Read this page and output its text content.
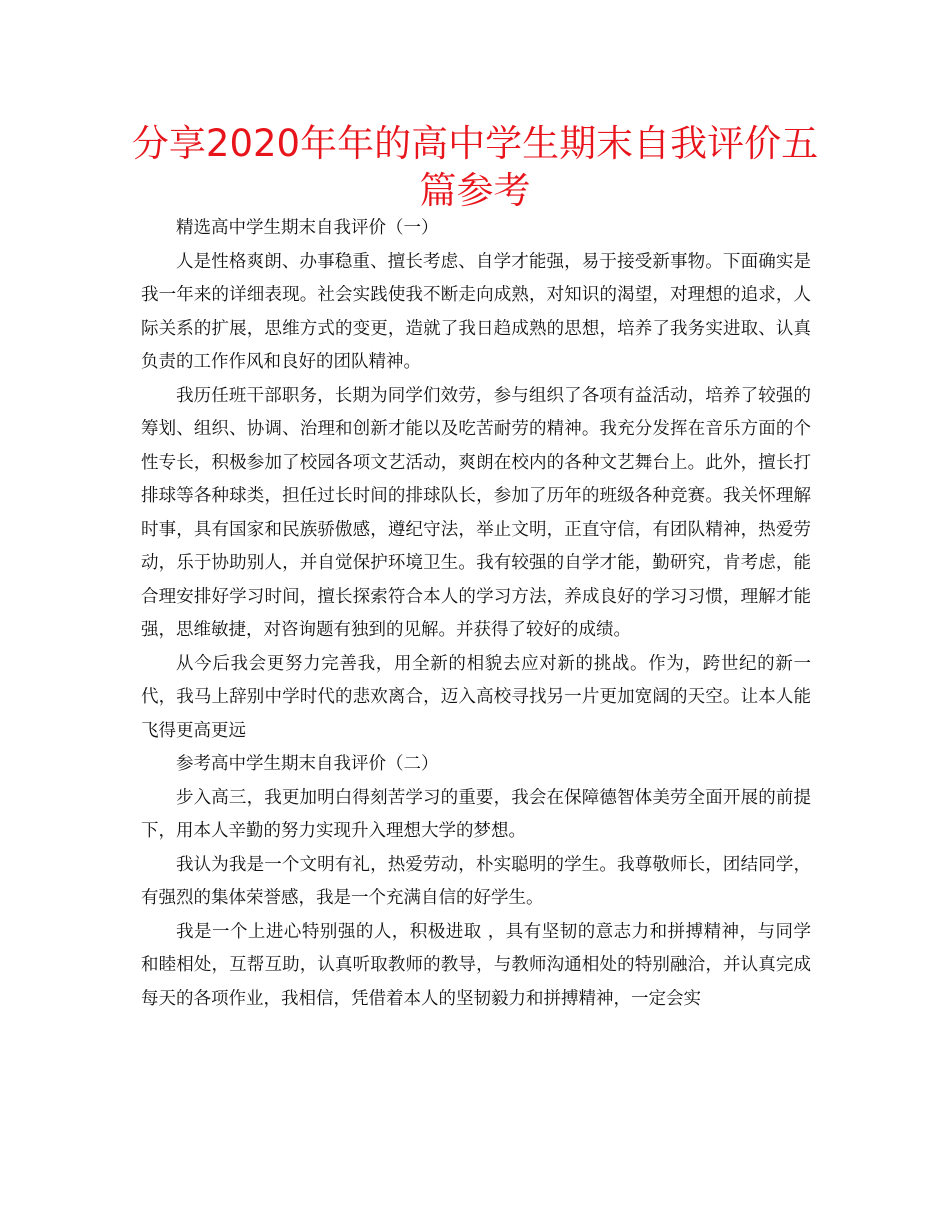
分享2020年年的高中学生期末自我评价五篇参考

精选高中学生期末自我评价（一）

人是性格爽朗、办事稳重、擅长考虑、自学才能强，易于接受新事物。下面确实是我一年来的详细表现。社会实践使我不断走向成熟，对知识的渴望，对理想的追求，人际关系的扩展，思维方式的变更，造就了我日趋成熟的思想，培养了我务实进取、认真负责的工作作风和良好的团队精神。

我历任班干部职务，长期为同学们效劳，参与组织了各项有益活动，培养了较强的筹划、组织、协调、治理和创新才能以及吃苦耐劳的精神。我充分发挥在音乐方面的个性专长，积极参加了校园各项文艺活动，爽朗在校内的各种文艺舞台上。此外，擅长打排球等各种球类，担任过长时间的排球队长，参加了历年的班级各种竞赛。我关怀理解时事，具有国家和民族骄傲感，遵纪守法，举止文明，正直守信，有团队精神，热爱劳动，乐于协助别人，并自觉保护环境卫生。我有较强的自学才能，勤研究，肯考虑，能合理安排好学习时间，擅长探索符合本人的学习方法，养成良好的学习习惯，理解才能强，思维敏捷，对咨询题有独到的见解。并获得了较好的成绩。

从今后我会更努力完善我，用全新的相貌去应对新的挑战。作为，跨世纪的新一代，我马上辞别中学时代的悲欢离合，迈入高校寻找另一片更加宽阔的天空。让本人能飞得更高更远

参考高中学生期末自我评价（二）

步入高三，我更加明白得刻苦学习的重要，我会在保障德智体美劳全面开展的前提下，用本人辛勤的努力实现升入理想大学的梦想。

我认为我是一个文明有礼，热爱劳动，朴实聪明的学生。我尊敬师长，团结同学，有强烈的集体荣誉感，我是一个充满自信的好学生。

我是一个上进心特别强的人，积极进取 ，具有坚韧的意志力和拼搏精神，与同学和睦相处，互帮互助，认真听取教师的教导，与教师沟通相处的特别融洽，并认真完成每天的各项作业，我相信，凭借着本人的坚韧毅力和拼搏精神，一定会实
